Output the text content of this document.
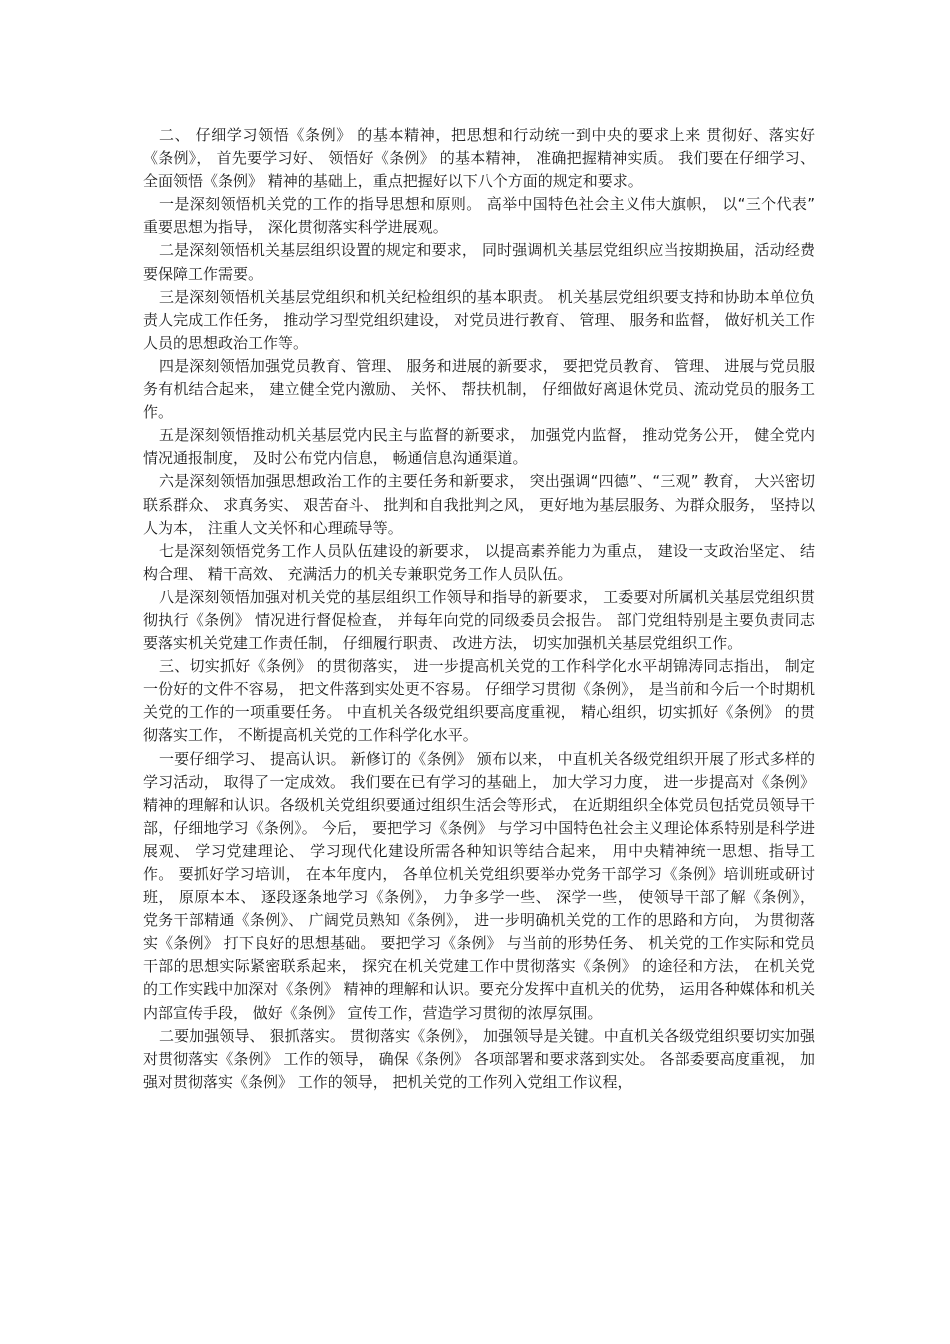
二、 仔细学习领悟《条例》 的基本精神，把思想和行动统一到中央的要求上来 贯彻好、落实好《条例》， 首先要学习好、 领悟好《条例》 的基本精神， 准确把握精神实质。 我们要在仔细学习、 全面领悟《条例》 精神的基础上，重点把握好以下八个方面的规定和要求。

一是深刻领悟机关党的工作的指导思想和原则。 高举中国特色社会主义伟大旗帜， 以“三个代表” 重要思想为指导， 深化贯彻落实科学进展观。

二是深刻领悟机关基层组织设置的规定和要求， 同时强调机关基层党组织应当按期换届，活动经费要保障工作需要。

三是深刻领悟机关基层党组织和机关纪检组织的基本职责。 机关基层党组织要支持和协助本单位负责人完成工作任务， 推动学习型党组织建设， 对党员进行教育、 管理、 服务和监督， 做好机关工作人员的思想政治工作等。

四是深刻领悟加强党员教育、管理、 服务和进展的新要求， 要把党员教育、 管理、 进展与党员服务有机结合起来， 建立健全党内激励、 关怀、 帮扶机制， 仔细做好离退休党员、流动党员的服务工作。

五是深刻领悟推动机关基层党内民主与监督的新要求， 加强党内监督， 推动党务公开， 健全党内情况通报制度， 及时公布党内信息， 畅通信息沟通渠道。

六是深刻领悟加强思想政治工作的主要任务和新要求， 突出强调“四德”、“三观” 教育， 大兴密切联系群众、 求真务实、 艰苦奋斗、 批判和自我批判之风， 更好地为基层服务、为群众服务， 坚持以人为本， 注重人文关怀和心理疏导等。

七是深刻领悟党务工作人员队伍建设的新要求， 以提高素养能力为重点， 建设一支政治坚定、 结构合理、 精干高效、 充满活力的机关专兼职党务工作人员队伍。

八是深刻领悟加强对机关党的基层组织工作领导和指导的新要求， 工委要对所属机关基层党组织贯彻执行《条例》 情况进行督促检查， 并每年向党的同级委员会报告。 部门党组特别是主要负责同志要落实机关党建工作责任制， 仔细履行职责、 改进方法， 切实加强机关基层党组织工作。

三、切实抓好《条例》 的贯彻落实， 进一步提高机关党的工作科学化水平胡锦涛同志指出， 制定一份好的文件不容易， 把文件落到实处更不容易。 仔细学习贯彻《条例》， 是当前和今后一个时期机关党的工作的一项重要任务。 中直机关各级党组织要高度重视， 精心组织，切实抓好《条例》 的贯彻落实工作， 不断提高机关党的工作科学化水平。

一要仔细学习、 提高认识。 新修订的《条例》 颁布以来， 中直机关各级党组织开展了形式多样的学习活动， 取得了一定成效。 我们要在已有学习的基础上， 加大学习力度， 进一步提高对《条例》 精神的理解和认识。各级机关党组织要通过组织生活会等形式， 在近期组织全体党员包括党员领导干部，仔细地学习《条例》。 今后， 要把学习《条例》 与学习中国特色社会主义理论体系特别是科学进展观、 学习党建理论、 学习现代化建设所需各种知识等结合起来， 用中央精神统一思想、指导工作。 要抓好学习培训， 在本年度内， 各单位机关党组织要举办党务干部学习《条例》培训班或研讨班， 原原本本、 逐段逐条地学习《条例》， 力争多学一些、 深学一些， 使领导干部了解《条例》， 党务干部精通《条例》、 广阔党员熟知《条例》， 进一步明确机关党的工作的思路和方向， 为贯彻落实《条例》 打下良好的思想基础。 要把学习《条例》 与当前的形势任务、 机关党的工作实际和党员干部的思想实际紧密联系起来， 探究在机关党建工作中贯彻落实《条例》 的途径和方法， 在机关党的工作实践中加深对《条例》 精神的理解和认识。要充分发挥中直机关的优势， 运用各种媒体和机关内部宣传手段， 做好《条例》 宣传工作，营造学习贯彻的浓厚氛围。

二要加强领导、 狠抓落实。 贯彻落实《条例》， 加强领导是关键。中直机关各级党组织要切实加强对贯彻落实《条例》 工作的领导， 确保《条例》 各项部署和要求落到实处。 各部委要高度重视， 加强对贯彻落实《条例》 工作的领导， 把机关党的工作列入党组工作议程，
